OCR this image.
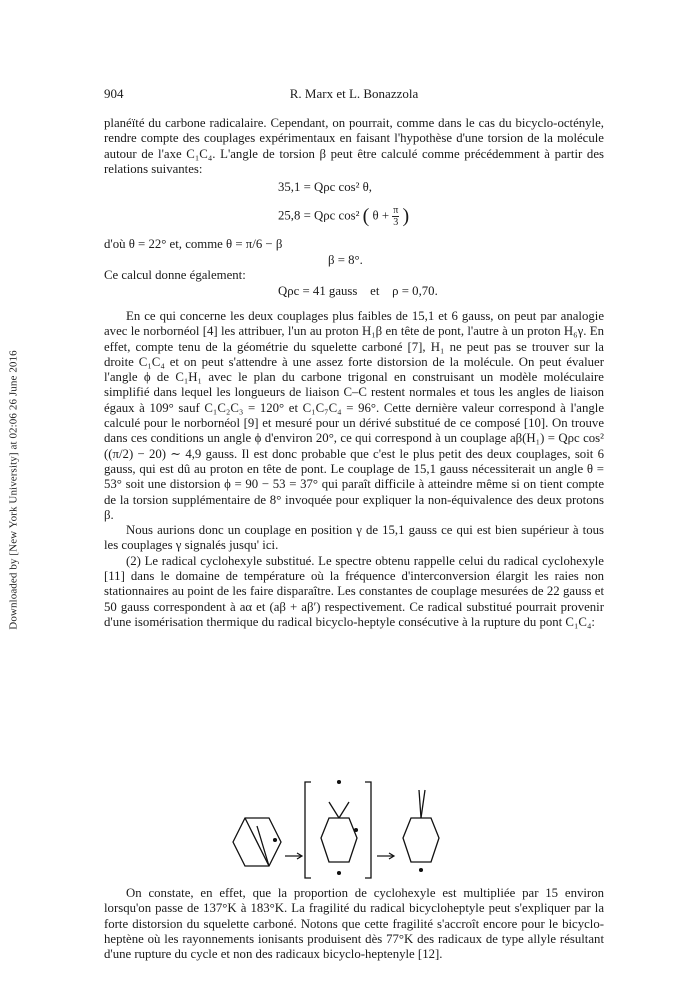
Downloaded by [New York University] at 02:06 26 June 2016
904	R. Marx et L. Bonazzola

planéïté du carbone radicalaire. Cependant, on pourrait, comme dans le cas du bicyclo-octényle, rendre compte des couplages expérimentaux en faisant l'hypothèse d'une torsion de la molécule autour de l'axe C₁C₄. L'angle de torsion β peut être calculé comme précédemment à partir des relations suivantes:

35,1 = Qρc cos² θ,
25,8 = Qρc cos² ( $\theta + \frac{\pi}{3}$ )
d'où θ = 22° et, comme θ = π/6 − β
β = 8°.

Ce calcul donne également:

Qρc = 41 gauss    et    ρ = 0,70.

En ce qui concerne les deux couplages plus faibles de 15,1 et 6 gauss, on peut par analogie avec le norbornéol [4] les attribuer, l'un au proton H₁β en tête de pont, l'autre à un proton H₆γ. En effet, compte tenu de la géométrie du squelette carboné [7], H₁ ne peut pas se trouver sur la droite C₁C₄ et on peut s'attendre à une assez forte distorsion de la molécule. On peut évaluer l'angle ϕ de C₁H₁ avec le plan du carbone trigonal en construisant un modèle moléculaire simplifié dans lequel les longueurs de liaison C–C restent normales et tous les angles de liaison égaux à 109° sauf C₁C₂C₃ = 120° et C₁C₇C₄ = 96°. Cette dernière valeur correspond à l'angle calculé pour le norbornéol [9] et mesuré pour un dérivé substitué de ce composé [10]. On trouve dans ces conditions un angle ϕ d'environ 20°, ce qui correspond à un couplage aβ(H₁) = Qρc cos² ((π/2) − 20) ∼ 4,9 gauss. Il est donc probable que c'est le plus petit des deux couplages, soit 6 gauss, qui est dû au proton en tête de pont. Le couplage de 15,1 gauss nécessiterait un angle θ = 53° soit une distorsion ϕ = 90 − 53 = 37° qui paraît difficile à atteindre même si on tient compte de la torsion supplémentaire de 8° invoquée pour expliquer la non-équivalence des deux protons β.

Nous aurions donc un couplage en position γ de 15,1 gauss ce qui est bien supérieur à tous les couplages γ signalés jusqu' ici.

(2) Le radical cyclohexyle substitué. Le spectre obtenu rappelle celui du radical cyclohexyle [11] dans le domaine de température où la fréquence d'interconversion élargit les raies non stationnaires au point de les faire disparaître. Les constantes de couplage mesurées de 22 gauss et 50 gauss correspondent à aα et (aβ + aβ′) respectivement. Ce radical substitué pourrait provenir d'une isomérisation thermique du radical bicyclo-heptyle consécutive à la rupture du pont C₁C₄:

On constate, en effet, que la proportion de cyclohexyle est multipliée par 15 environ lorsqu'on passe de 137°K à 183°K. La fragilité du radical bicycloheptyle peut s'expliquer par la forte distorsion du squelette carboné. Notons que cette fragilité s'accroît encore pour le bicyclo-heptène où les rayonnements ionisants produisent dès 77°K des radicaux de type allyle résultant d'une rupture du cycle et non des radicaux bicyclo-heptenyle [12].
